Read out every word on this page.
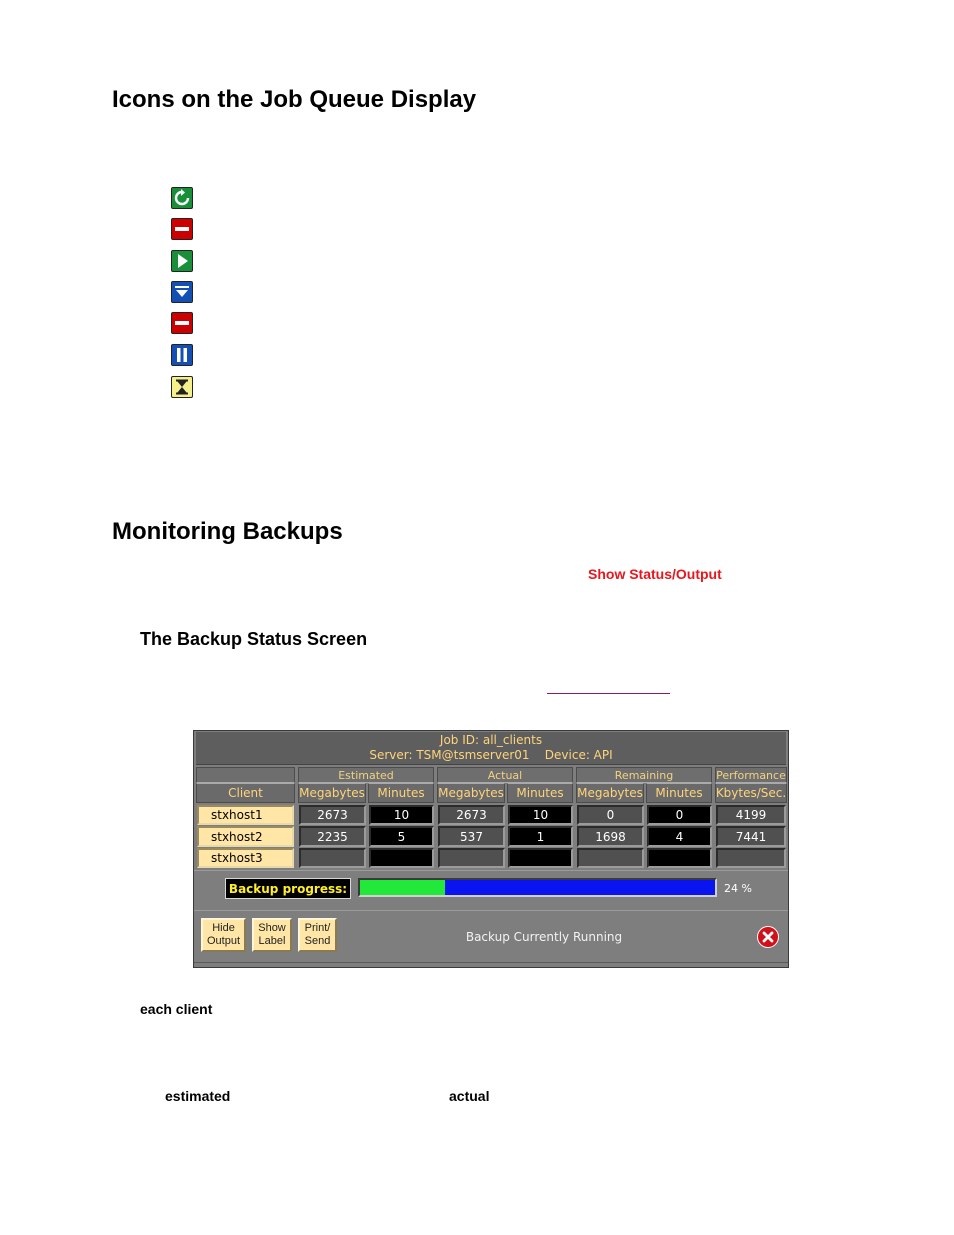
Icons on the Job Queue Display
Monitoring Backups
Show Status/Output
The Backup Status Screen
Job ID: all_clients
Server: TSM@tsmserver01    Device: API
Estimated	Actual	Remaining	Performance
Client	Megabytes	Minutes	Megabytes	Minutes	Megabytes	Minutes	Kbytes/Sec.
stxhost1	2673	10	2673	10	0	0	4199
stxhost2	2235	5	537	1	1698	4	7441
stxhost3
Backup progress:	24 %
Backup Currently Running
Hide
Output
Show
Label
Print/
Send
each client
estimated	actual
